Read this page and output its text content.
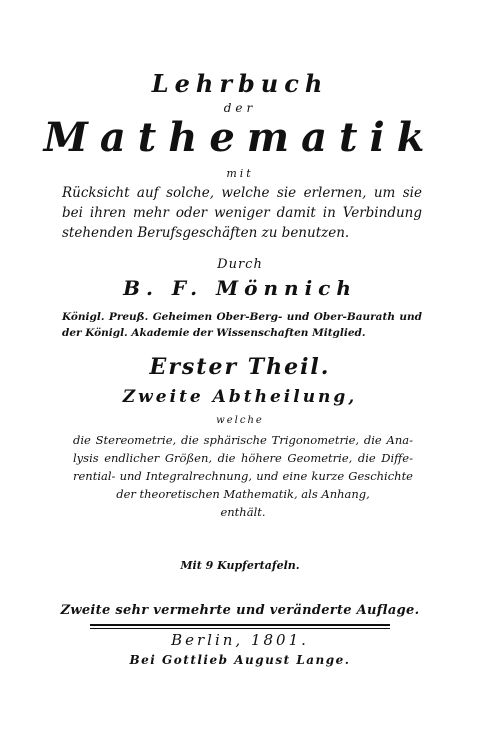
Lehrbuch
der
Mathematik
mit
Rücksicht auf solche, welche sie erlernen, um sie
bei ihren mehr oder weniger damit in Verbindung
stehenden Berufsgeschäften zu benutzen.
Durch
B. F. Mönnich
Königl. Preuß. Geheimen Ober-Berg- und Ober-Baurath und
der Königl. Akademie der Wissenschaften Mitglied.
Erster Theil.
Zweite Abtheilung,
welche
die Stereometrie, die sphärische Trigonometrie, die Ana-
lysis endlicher Größen, die höhere Geometrie, die Diffe-
rential- und Integralrechnung, und eine kurze Geschichte
der theoretischen Mathematik, als Anhang,
enthält.
Mit 9 Kupfertafeln.
Zweite sehr vermehrte und veränderte Auflage.
Berlin, 1801.
Bei Gottlieb August Lange.
